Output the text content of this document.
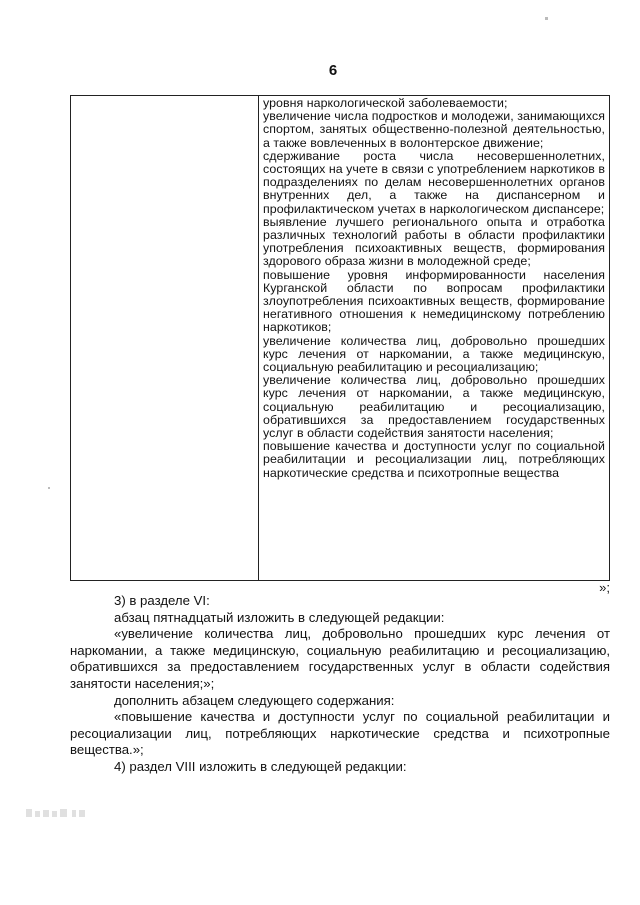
6
уровня наркологической заболеваемости;
увеличение числа подростков и молодежи, занимающихся спортом, занятых общественно-полезной деятельностью, а также вовлеченных в волонтерское движение;
сдерживание роста числа несовершеннолетних, состоящих на учете в связи с употреблением наркотиков в подразделениях по делам несовершеннолетних органов внутренних дел, а также на диспансерном и профилактическом учетах в наркологическом диспансере;
выявление лучшего регионального опыта и отработка различных технологий работы в области профилактики употребления психоактивных веществ, формирования здорового образа жизни в молодежной среде;
повышение уровня информированности населения Курганской области по вопросам профилактики злоупотребления психоактивных веществ, формирование негативного отношения к немедицинскому потреблению наркотиков;
увеличение количества лиц, добровольно прошедших курс лечения от наркомании, а также медицинскую, социальную реабилитацию и ресоциализацию;
увеличение количества лиц, добровольно прошедших курс лечения от наркомании, а также медицинскую, социальную реабилитацию и ресоциализацию, обратившихся за предоставлением государственных услуг в области содействия занятости населения;
повышение качества и доступности услуг по социальной реабилитации и ресоциализации лиц, потребляющих наркотические средства и психотропные вещества
»;

3) в разделе VI:

абзац пятнадцатый изложить в следующей редакции:

«увеличение количества лиц, добровольно прошедших курс лечения от наркомании, а также медицинскую, социальную реабилитацию и ресоциализацию, обратившихся за предоставлением государственных услуг в области содействия занятости населения;»;

дополнить абзацем следующего содержания:

«повышение качества и доступности услуг по социальной реабилитации и ресоциализации лиц, потребляющих наркотические средства и психотропные вещества.»;

4) раздел VIII изложить в следующей редакции:
